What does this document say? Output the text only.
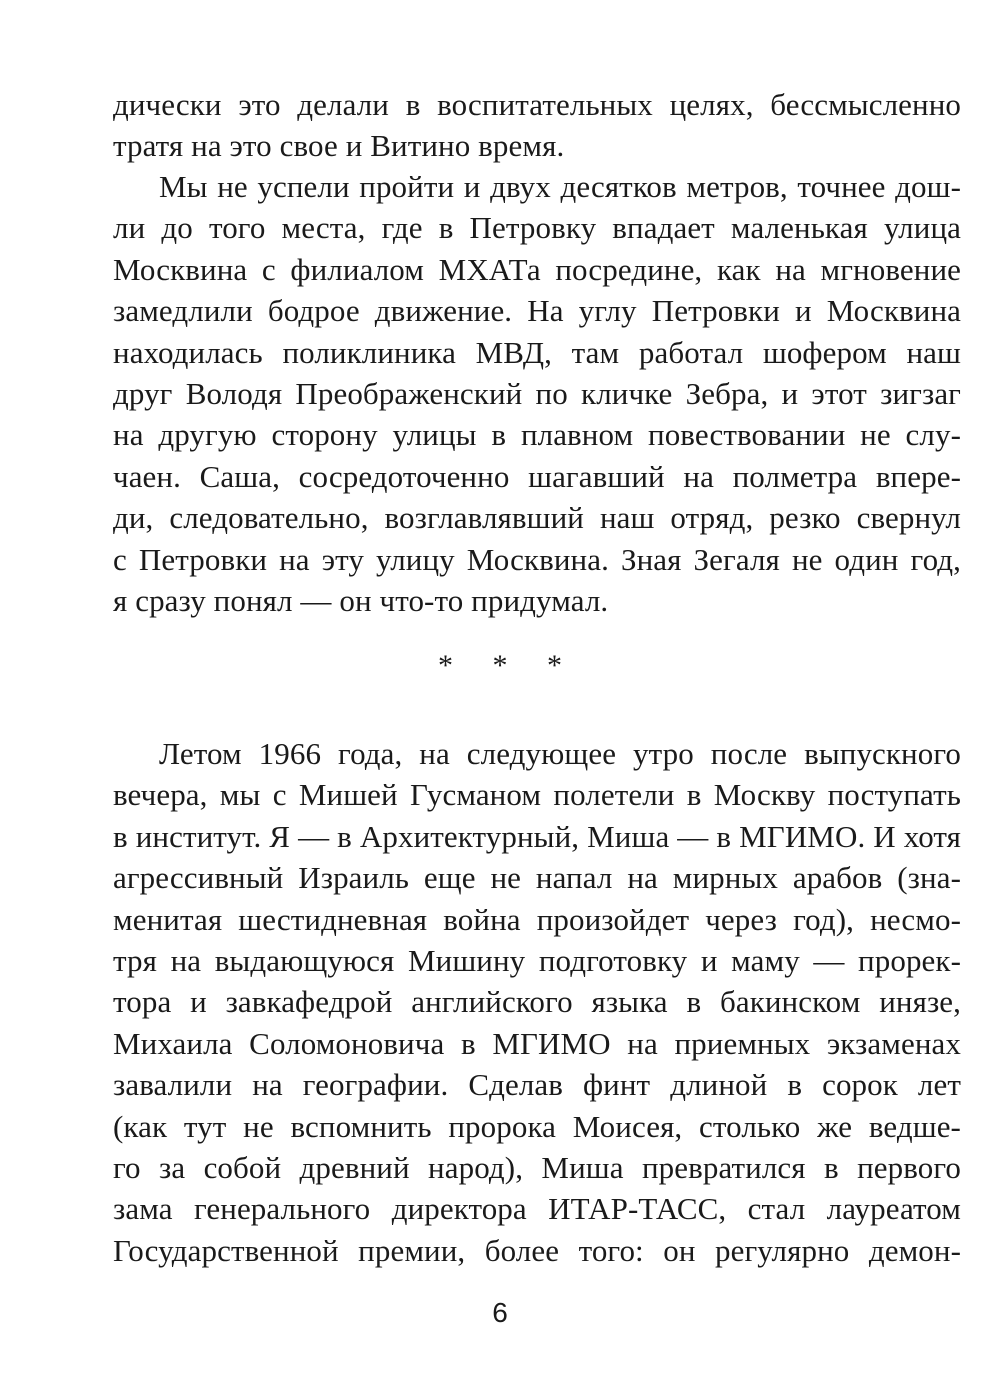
дически это делали в воспитательных целях, бессмысленно
тратя на это свое и Витино время.
Мы не успели пройти и двух десятков метров, точнее дош-
ли до того места, где в Петровку впадает маленькая улица
Москвина с филиалом МХАТа посредине, как на мгновение
замедлили бодрое движение. На углу Петровки и Москвина
находилась поликлиника МВД, там работал шофером наш
друг Володя Преображенский по кличке Зебра, и этот зигзаг
на другую сторону улицы в плавном повествовании не слу-
чаен. Саша, сосредоточенно шагавший на полметра впере-
ди, следовательно, возглавлявший наш отряд, резко свернул
с Петровки на эту улицу Москвина. Зная Зегаля не один год,
я сразу понял — он что-то придумал.
* * *
Летом 1966 года, на следующее утро после выпускного
вечера, мы с Мишей Гусманом полетели в Москву поступать
в институт. Я — в Архитектурный, Миша — в МГИМО. И хотя
агрессивный Израиль еще не напал на мирных арабов (зна-
менитая шестидневная война произойдет через год), несмо-
тря на выдающуюся Мишину подготовку и маму — прорек-
тора и завкафедрой английского языка в бакинском инязе,
Михаила Соломоновича в МГИМО на приемных экзаменах
завалили на географии. Сделав финт длиной в сорок лет
(как тут не вспомнить пророка Моисея, столько же ведше-
го за собой древний народ), Миша превратился в первого
зама генерального директора ИТАР-ТАСС, стал лауреатом
Государственной премии, более того: он регулярно демон-
6
